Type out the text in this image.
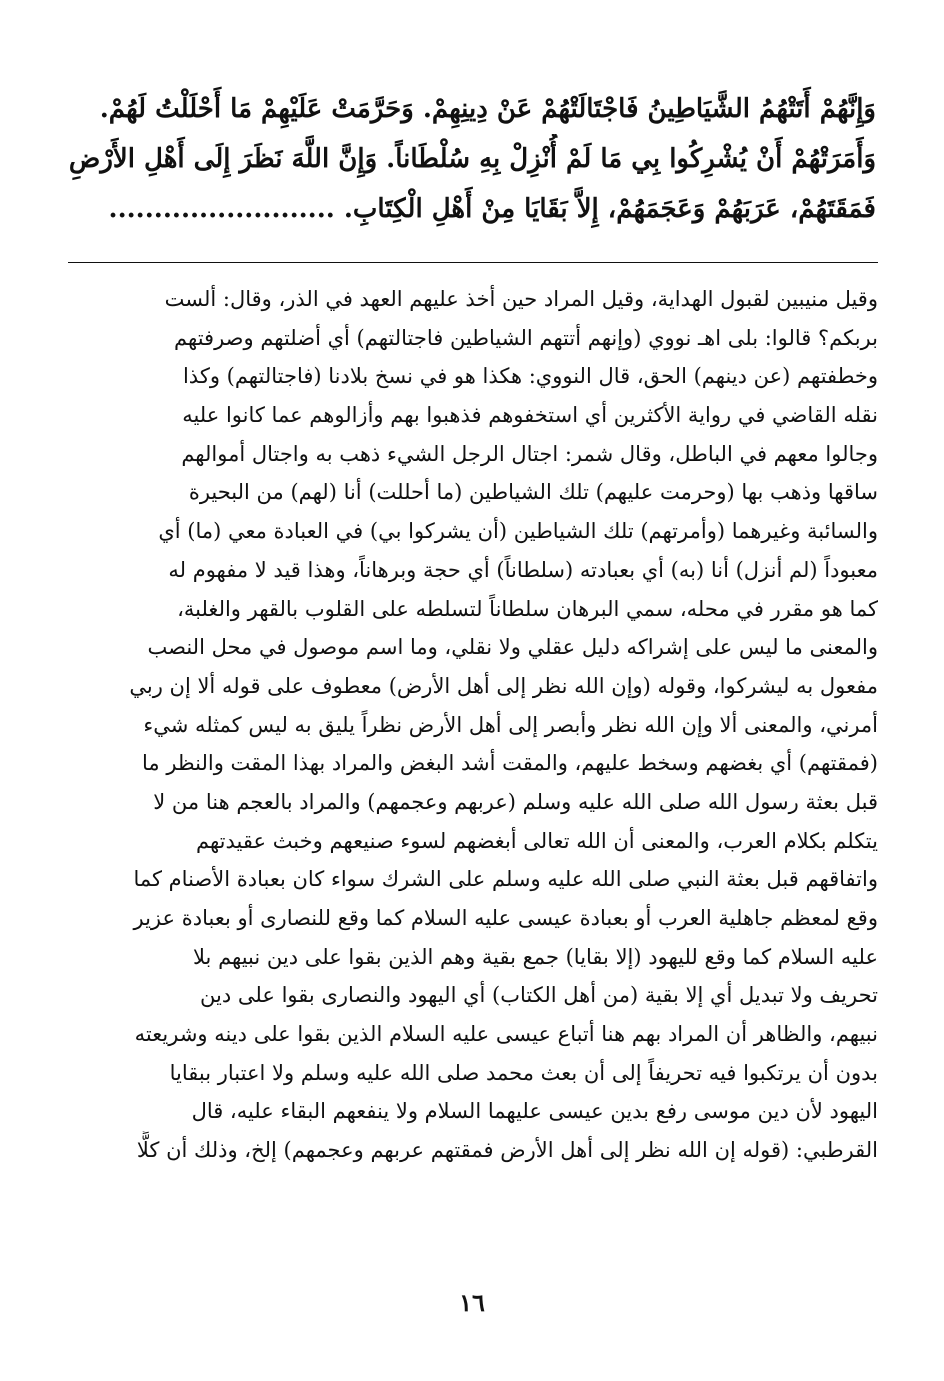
وَإِنَّهُمْ أَتَتْهُمُ الشَّيَاطِينُ فَاجْتَالَتْهُمْ عَنْ دِينِهِمْ. وَحَرَّمَتْ عَلَيْهِمْ مَا أَحْلَلْتُ لَهُمْ.
وَأَمَرَتْهُمْ أَنْ يُشْرِكُوا بِي مَا لَمْ أُنْزِلْ بِهِ سُلْطَاناً. وَإِنَّ اللَّهَ نَظَرَ إِلَى أَهْلِ الأَرْضِ
فَمَقَتَهُمْ، عَرَبَهُمْ وَعَجَمَهُمْ، إِلاَّ بَقَايَا مِنْ أَهْلِ الْكِتَابِ. .........................
وقيل منيبين لقبول الهداية، وقيل المراد حين أخذ عليهم العهد في الذر، وقال: ألست
بربكم؟ قالوا: بلى اهـ نووي (وإنهم أتتهم الشياطين فاجتالتهم) أي أضلتهم وصرفتهم
وخطفتهم (عن دينهم) الحق، قال النووي: هكذا هو في نسخ بلادنا (فاجتالتهم) وكذا
نقله القاضي في رواية الأكثرين أي استخفوهم فذهبوا بهم وأزالوهم عما كانوا عليه
وجالوا معهم في الباطل، وقال شمر: اجتال الرجل الشيء ذهب به واجتال أموالهم
ساقها وذهب بها (وحرمت عليهم) تلك الشياطين (ما أحللت) أنا (لهم) من البحيرة
والسائبة وغيرهما (وأمرتهم) تلك الشياطين (أن يشركوا بي) في العبادة معي (ما) أي
معبوداً (لم أنزل) أنا (به) أي بعبادته (سلطاناً) أي حجة وبرهاناً، وهذا قيد لا مفهوم له
كما هو مقرر في محله، سمي البرهان سلطاناً لتسلطه على القلوب بالقهر والغلبة،
والمعنى ما ليس على إشراكه دليل عقلي ولا نقلي، وما اسم موصول في محل النصب
مفعول به ليشركوا، وقوله (وإن الله نظر إلى أهل الأرض) معطوف على قوله ألا إن ربي
أمرني، والمعنى ألا وإن الله نظر وأبصر إلى أهل الأرض نظراً يليق به ليس كمثله شيء
(فمقتهم) أي بغضهم وسخط عليهم، والمقت أشد البغض والمراد بهذا المقت والنظر ما
قبل بعثة رسول الله صلى الله عليه وسلم (عربهم وعجمهم) والمراد بالعجم هنا من لا
يتكلم بكلام العرب، والمعنى أن الله تعالى أبغضهم لسوء صنيعهم وخبث عقيدتهم
واتفاقهم قبل بعثة النبي صلى الله عليه وسلم على الشرك سواء كان بعبادة الأصنام كما
وقع لمعظم جاهلية العرب أو بعبادة عيسى عليه السلام كما وقع للنصارى أو بعبادة عزير
عليه السلام كما وقع لليهود (إلا بقايا) جمع بقية وهم الذين بقوا على دين نبيهم بلا
تحريف ولا تبديل أي إلا بقية (من أهل الكتاب) أي اليهود والنصارى بقوا على دين
نبيهم، والظاهر أن المراد بهم هنا أتباع عيسى عليه السلام الذين بقوا على دينه وشريعته
بدون أن يرتكبوا فيه تحريفاً إلى أن بعث محمد صلى الله عليه وسلم ولا اعتبار ببقايا
اليهود لأن دين موسى رفع بدين عيسى عليهما السلام ولا ينفعهم البقاء عليه، قال
القرطبي: (قوله إن الله نظر إلى أهل الأرض فمقتهم عربهم وعجمهم) إلخ، وذلك أن كلًّا
١٦
